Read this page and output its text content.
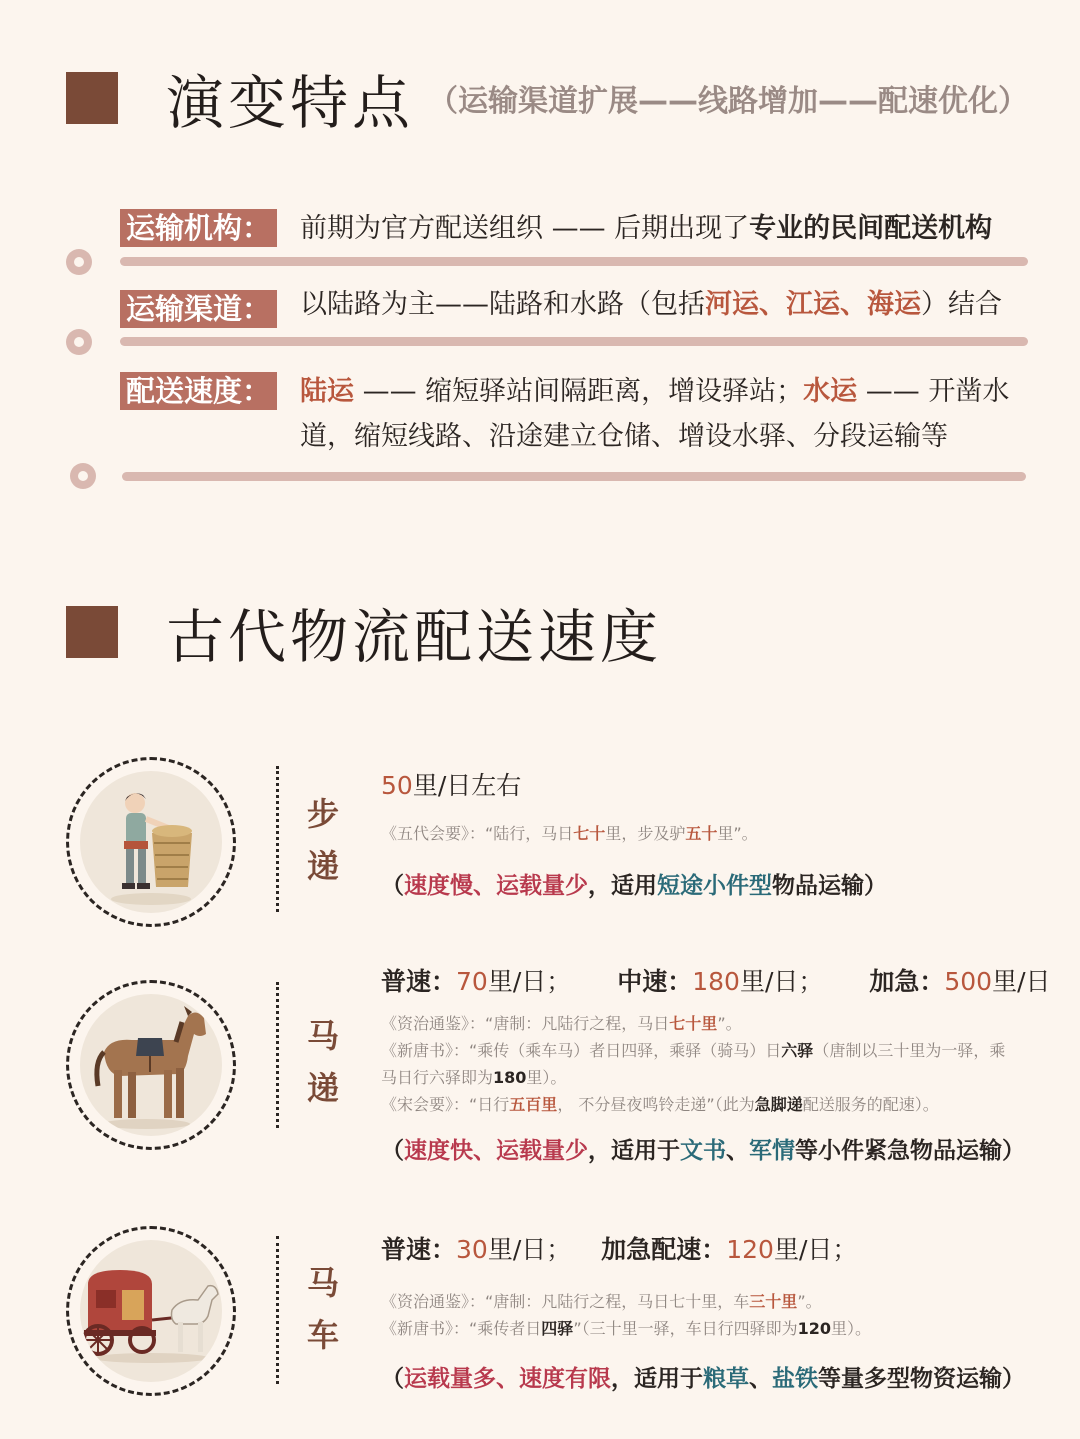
演变特点 （运输渠道扩展——线路增加——配速优化）
运输机构： 前期为官方配送组织 —— 后期出现了专业的民间配送机构
运输渠道： 以陆路为主——陆路和水路（包括河运、江运、海运）结合
配送速度： 陆运 —— 缩短驿站间隔距离，增设驿站；水运 —— 开凿水道，缩短线路、沿途建立仓储、增设水驿、分段运输等
古代物流配送速度
步
递
50里/日左右
《五代会要》：“陆行，马日七十里，步及驴五十里”。
（速度慢、运载量少，适用短途小件型物品运输）
马
递
普速：70里/日； 中速：180里/日； 加急：500里/日
《资治通鉴》：“唐制：凡陆行之程，马日七十里”。
《新唐书》：“乘传（乘车马）者日四驿，乘驿（骑马）日六驿（唐制以三十里为一驿，乘马日行六驿即为180里）。
《宋会要》：“日行五百里， 不分昼夜鸣铃走递”（此为急脚递配送服务的配速）。
（速度快、运载量少，适用于文书、军情等小件紧急物品运输）
马
车
普速：30里/日； 加急配速：120里/日；
《资治通鉴》：“唐制：凡陆行之程，马日七十里，车三十里”。
《新唐书》：“乘传者日四驿”（三十里一驿，车日行四驿即为120里）。
（运载量多、速度有限，适用于粮草、盐铁等量多型物资运输）
